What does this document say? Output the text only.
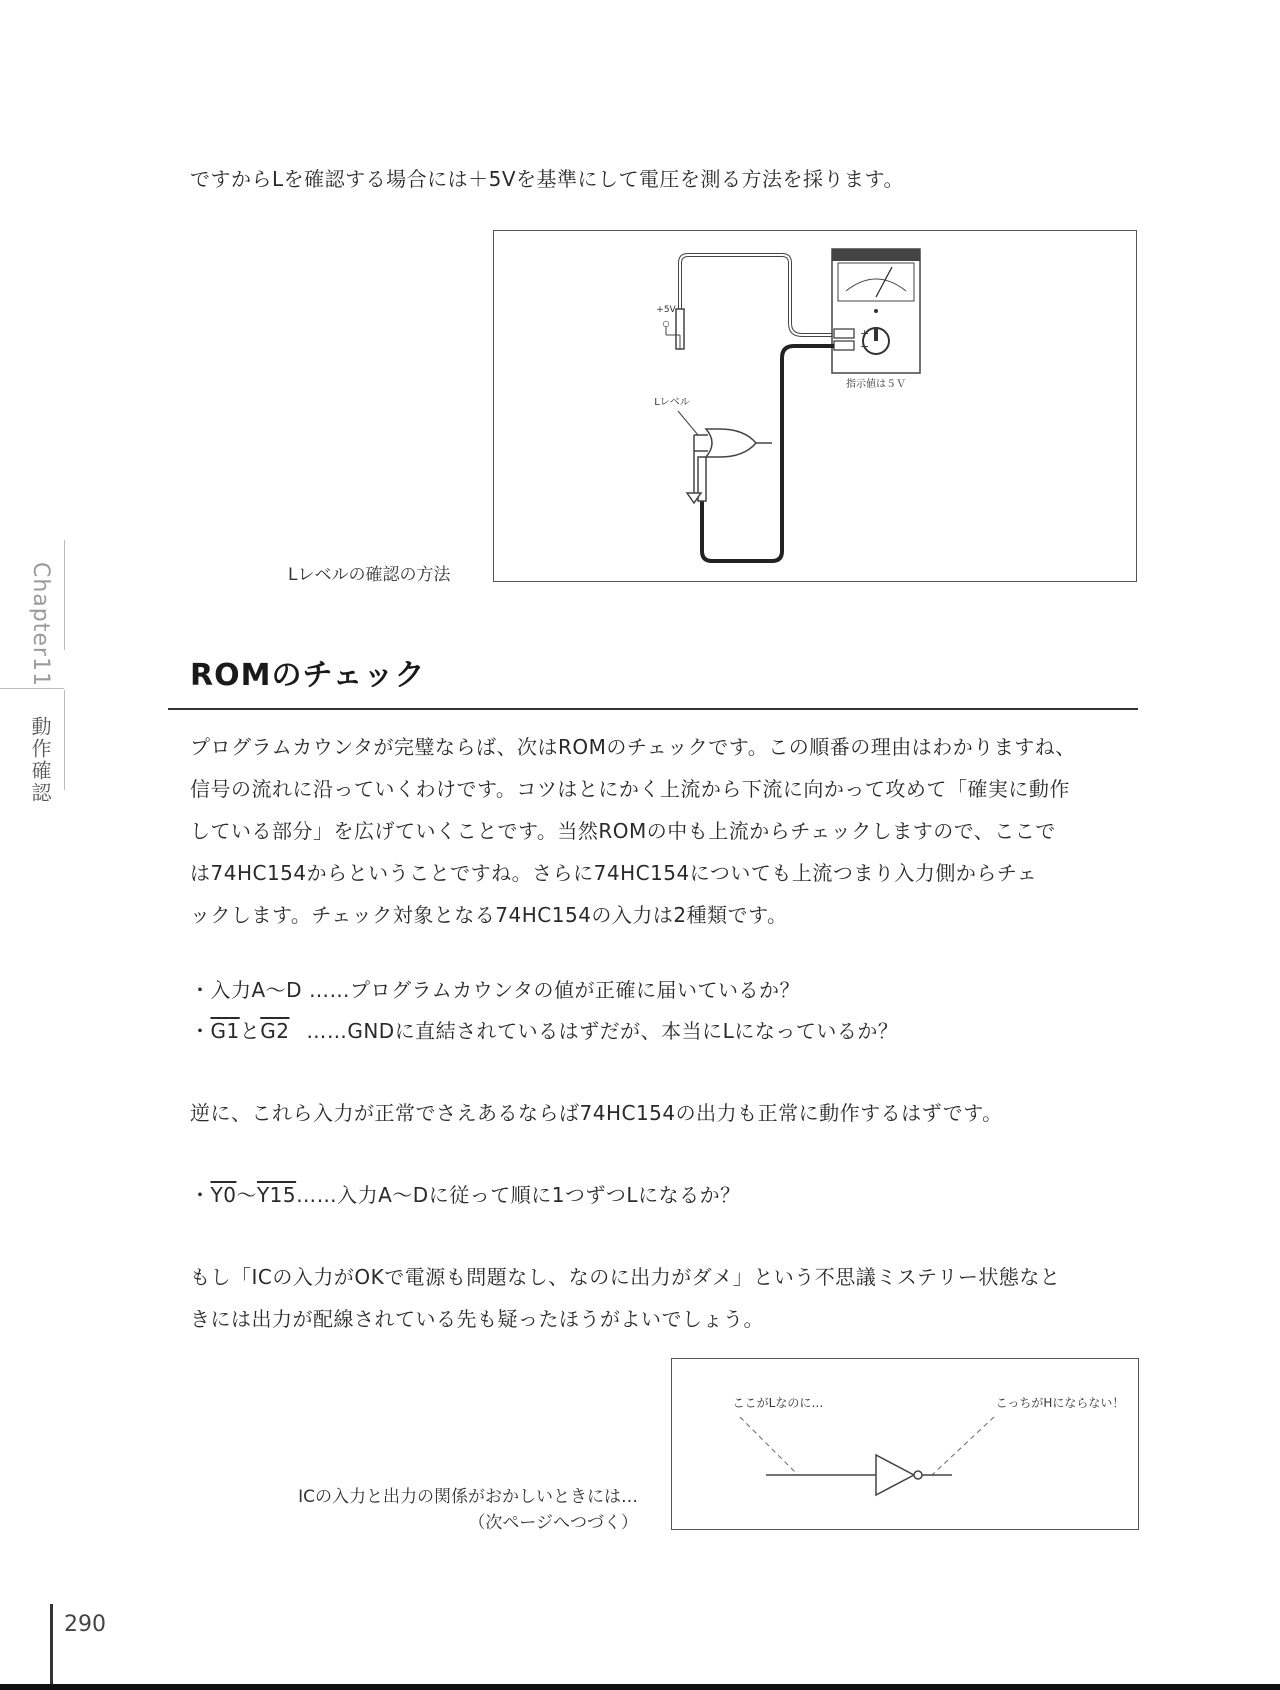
ですからLを確認する場合には＋5Vを基準にして電圧を測る方法を採ります。
+5V
○
+
−
指示値は５Ｖ
Lレベル
Lレベルの確認の方法
Chapter11
動作確認
ROMのチェック
プログラムカウンタが完璧ならば、次はROMのチェックです。この順番の理由はわかりますね、
信号の流れに沿っていくわけです。コツはとにかく上流から下流に向かって攻めて「確実に動作
している部分」を広げていくことです。当然ROMの中も上流からチェックしますので、ここで
は74HC154からということですね。さらに74HC154についても上流つまり入力側からチェ
ックします。チェック対象となる74HC154の入力は2種類です。
・入力A〜D ……プログラムカウンタの値が正確に届いているか？
・G1とG2 ……GNDに直結されているはずだが、本当にLになっているか？
逆に、これら入力が正常でさえあるならば74HC154の出力も正常に動作するはずです。
・Y0〜Y15……入力A〜Dに従って順に1つずつLになるか？
もし「ICの入力がOKで電源も問題なし、なのに出力がダメ」という不思議ミステリー状態なと
きには出力が配線されている先も疑ったほうがよいでしょう。
ここがLなのに…	こっちがHにならない！
ICの入力と出力の関係がおかしいときには…
（次ページへつづく）
290
